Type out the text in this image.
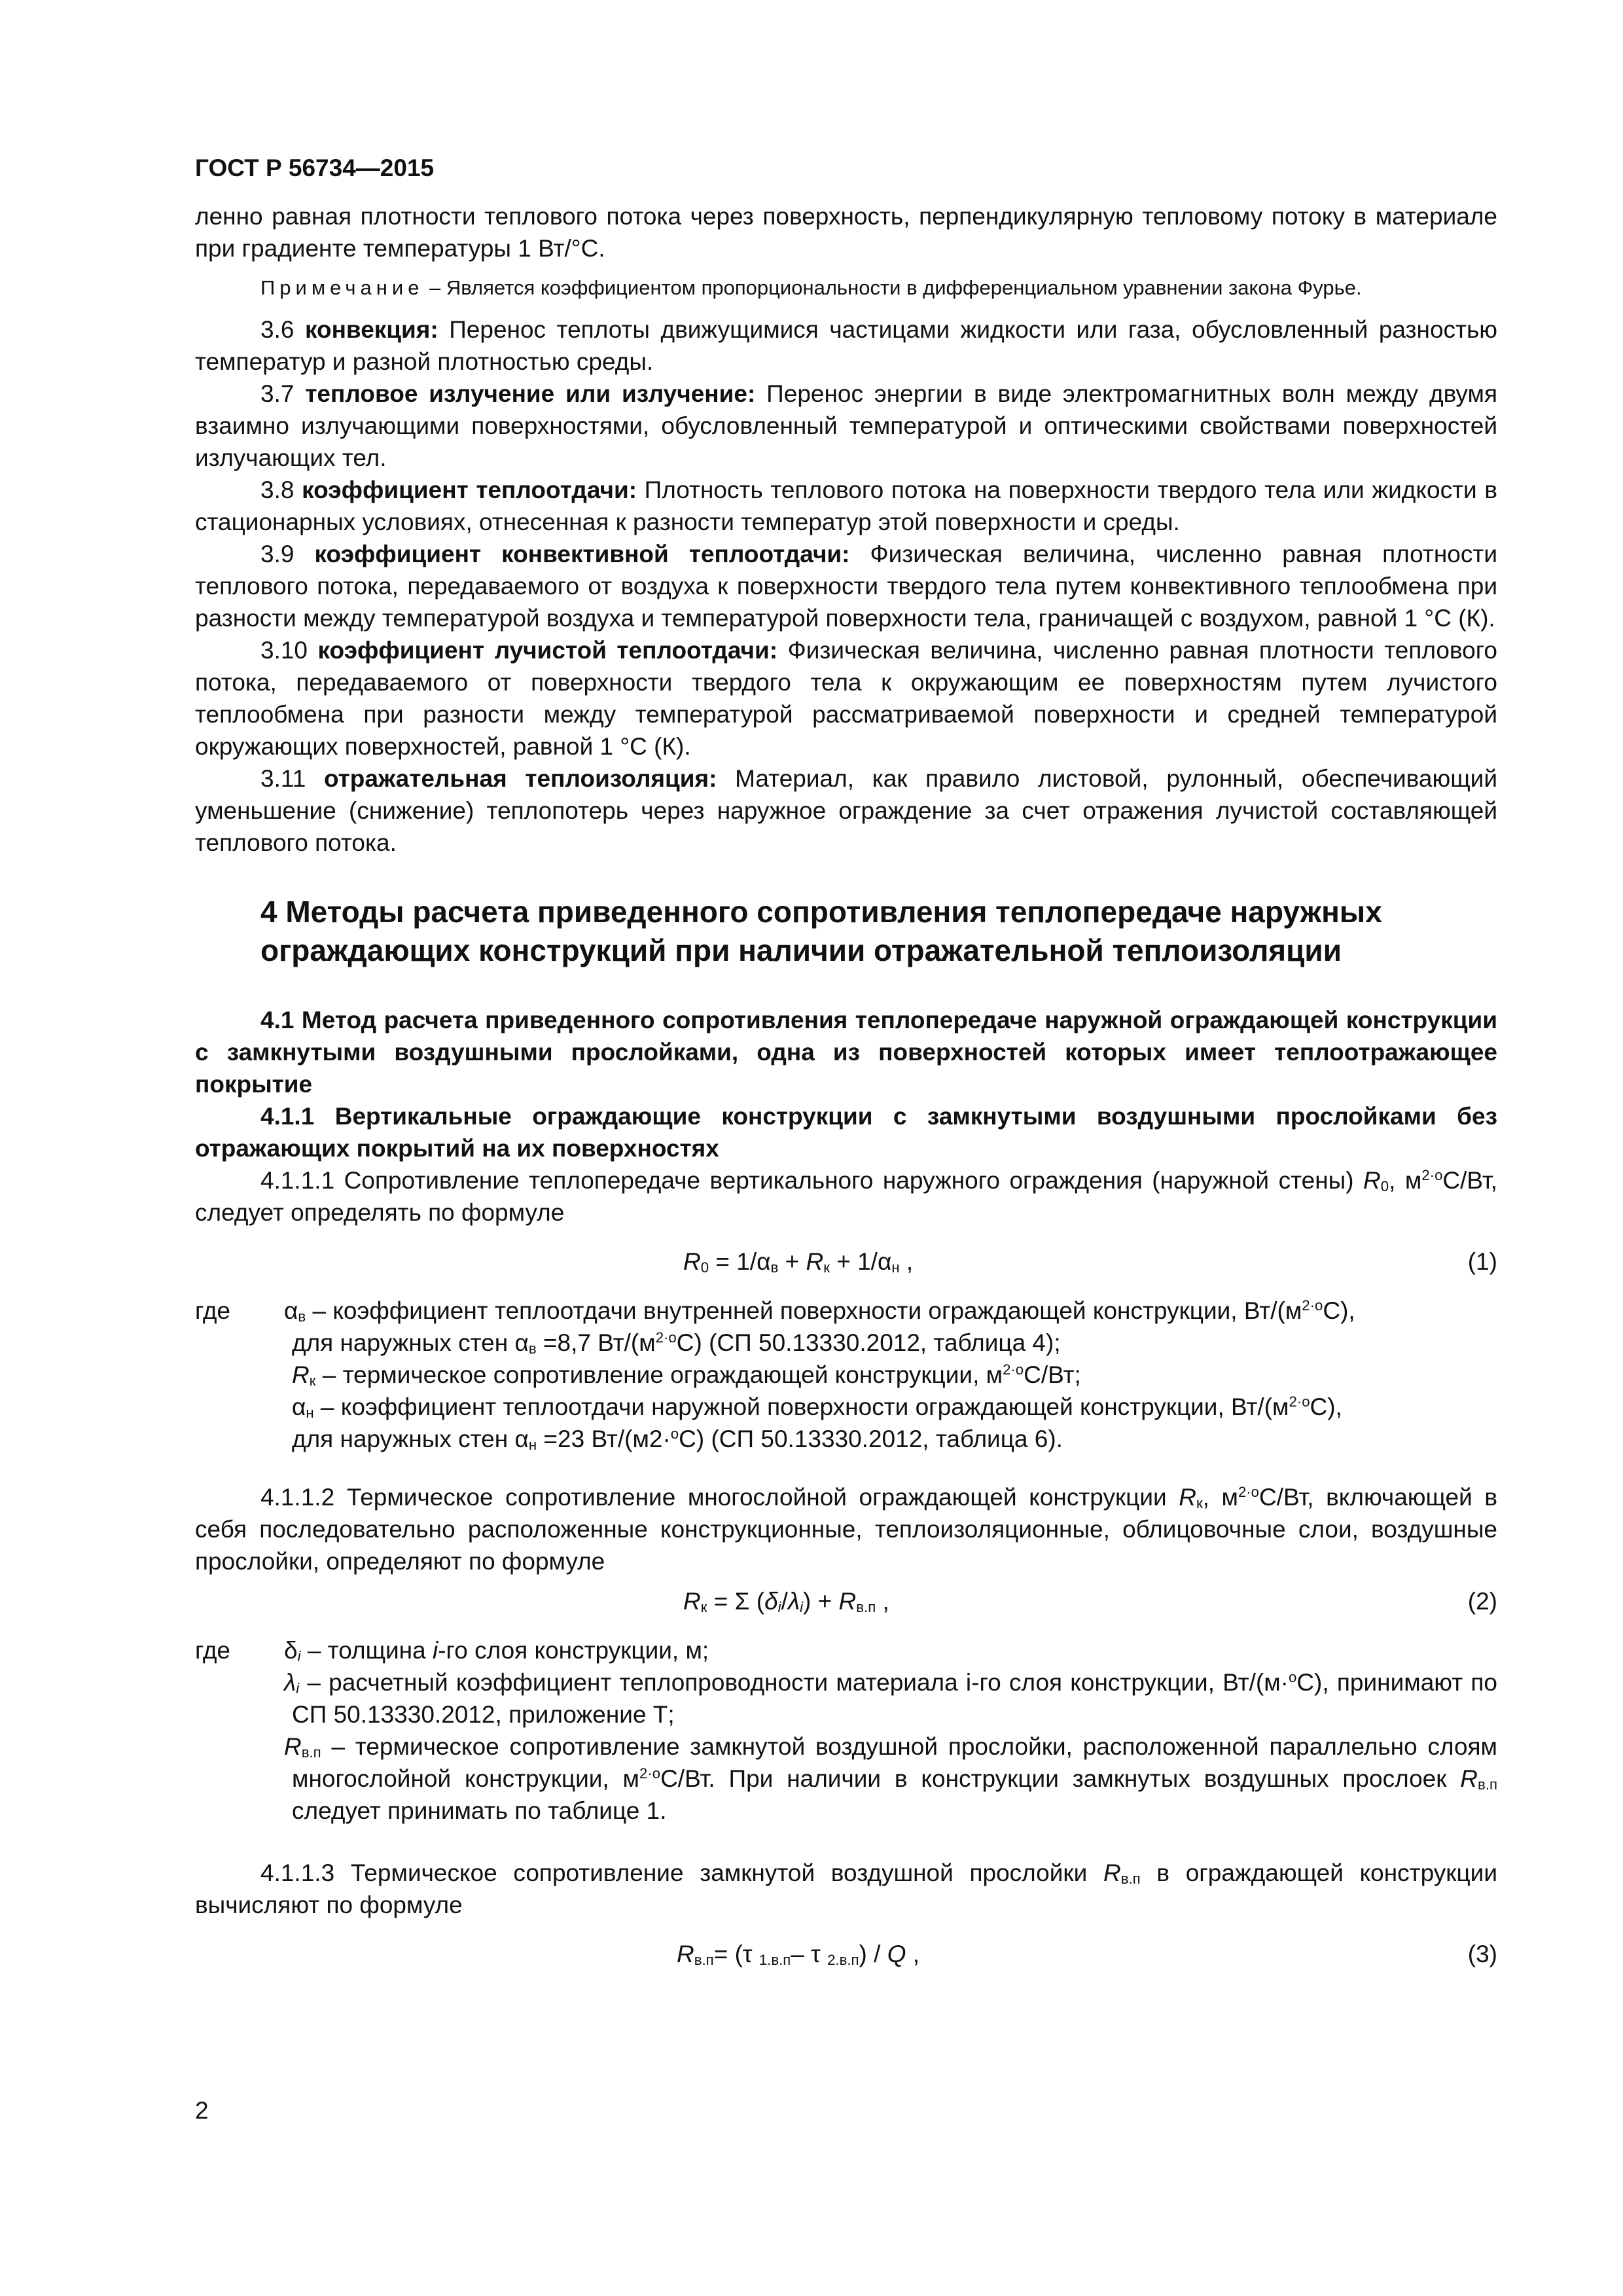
ГОСТ Р 56734—2015

ленно равная плотности теплового потока через поверхность, перпендикулярную тепловому потоку в материале при градиенте температуры 1 Вт/°С.

Примечание – Является коэффициентом пропорциональности в дифференциальном уравнении закона Фурье.

3.6 конвекция: Перенос теплоты движущимися частицами жидкости или газа, обусловленный разностью температур и разной плотностью среды.

3.7 тепловое излучение или излучение: Перенос энергии в виде электромагнитных волн между двумя взаимно излучающими поверхностями, обусловленный температурой и оптическими свойствами поверхностей излучающих тел.

3.8 коэффициент теплоотдачи: Плотность теплового потока на поверхности твердого тела или жидкости в стационарных условиях, отнесенная к разности температур этой поверхности и среды.

3.9 коэффициент конвективной теплоотдачи: Физическая величина, численно равная плотности теплового потока, передаваемого от воздуха к поверхности твердого тела путем конвективного теплообмена при разности между температурой воздуха и температурой поверхности тела, граничащей с воздухом, равной 1 °С (К).

3.10 коэффициент лучистой теплоотдачи: Физическая величина, численно равная плотности теплового потока, передаваемого от поверхности твердого тела к окружающим ее поверхностям путем лучистого теплообмена при разности между температурой рассматриваемой поверхности и средней температурой окружающих поверхностей, равной 1 °С (К).

3.11 отражательная теплоизоляция: Материал, как правило листовой, рулонный, обеспечивающий уменьшение (снижение) теплопотерь через наружное ограждение за счет отражения лучистой составляющей теплового потока.

4 Методы расчета приведенного сопротивления теплопередаче наружных ограждающих конструкций при наличии отражательной теплоизоляции

4.1 Метод расчета приведенного сопротивления теплопередаче наружной ограждающей конструкции с замкнутыми воздушными прослойками, одна из поверхностей которых имеет теплоотражающее покрытие

4.1.1 Вертикальные ограждающие конструкции с замкнутыми воздушными прослойками без отражающих покрытий на их поверхностях

4.1.1.1 Сопротивление теплопередаче вертикального наружного ограждения (наружной стены) $R_0$, $м^{2\cdot о}С/Вт$, следует определять по формуле

$R_0 = 1/\alpha_в + R_к + 1/\alpha_н$ ,	(1)
где $\alpha_в$ – коэффициент теплоотдачи внутренней поверхности ограждающей конструкции, $Вт/(м^{2\cdot о}С)$,
для наружных стен $\alpha_в =8,7$ $Вт/(м^{2\cdot о}С)$ (СП 50.13330.2012, таблица 4);
$R_к$ – термическое сопротивление ограждающей конструкции, $м^{2\cdot о}С/Вт$;
$\alpha_н$ – коэффициент теплоотдачи наружной поверхности ограждающей конструкции, $Вт/(м^{2\cdot о}С)$,
для наружных стен $\alpha_н =23$ Вт/(м2·$^о$С) (СП 50.13330.2012, таблица 6).

4.1.1.2 Термическое сопротивление многослойной ограждающей конструкции $R_к$, $м^{2\cdot о}С/Вт$, включающей в себя последовательно расположенные конструкционные, теплоизоляционные, облицовочные слои, воздушные прослойки, определяют по формуле

$R_к = \Sigma$ $(\delta_i/\lambda_i) + R_{в.п}$ ,	(2)
где $\delta_i$ – толщина i-го слоя конструкции, м;
$\lambda_i$ – расчетный коэффициент теплопроводности материала i-го слоя конструкции, Вт/(м·$^о$С), принимают по СП 50.13330.2012, приложение Т;
$R_{в.п}$ – термическое сопротивление замкнутой воздушной прослойки, расположенной параллельно слоям многослойной конструкции, $м^{2\cdot о}С/Вт$. При наличии в конструкции замкнутых воздушных прослоек $R_{в.п}$ следует принимать по таблице 1.

4.1.1.3 Термическое сопротивление замкнутой воздушной прослойки $R_{в.п}$ в ограждающей конструкции вычисляют по формуле

$R_{в.п}= (\tau$ $_{1.в.п}$– τ $_{2.в.п}$) / Q ,	(3)
2
